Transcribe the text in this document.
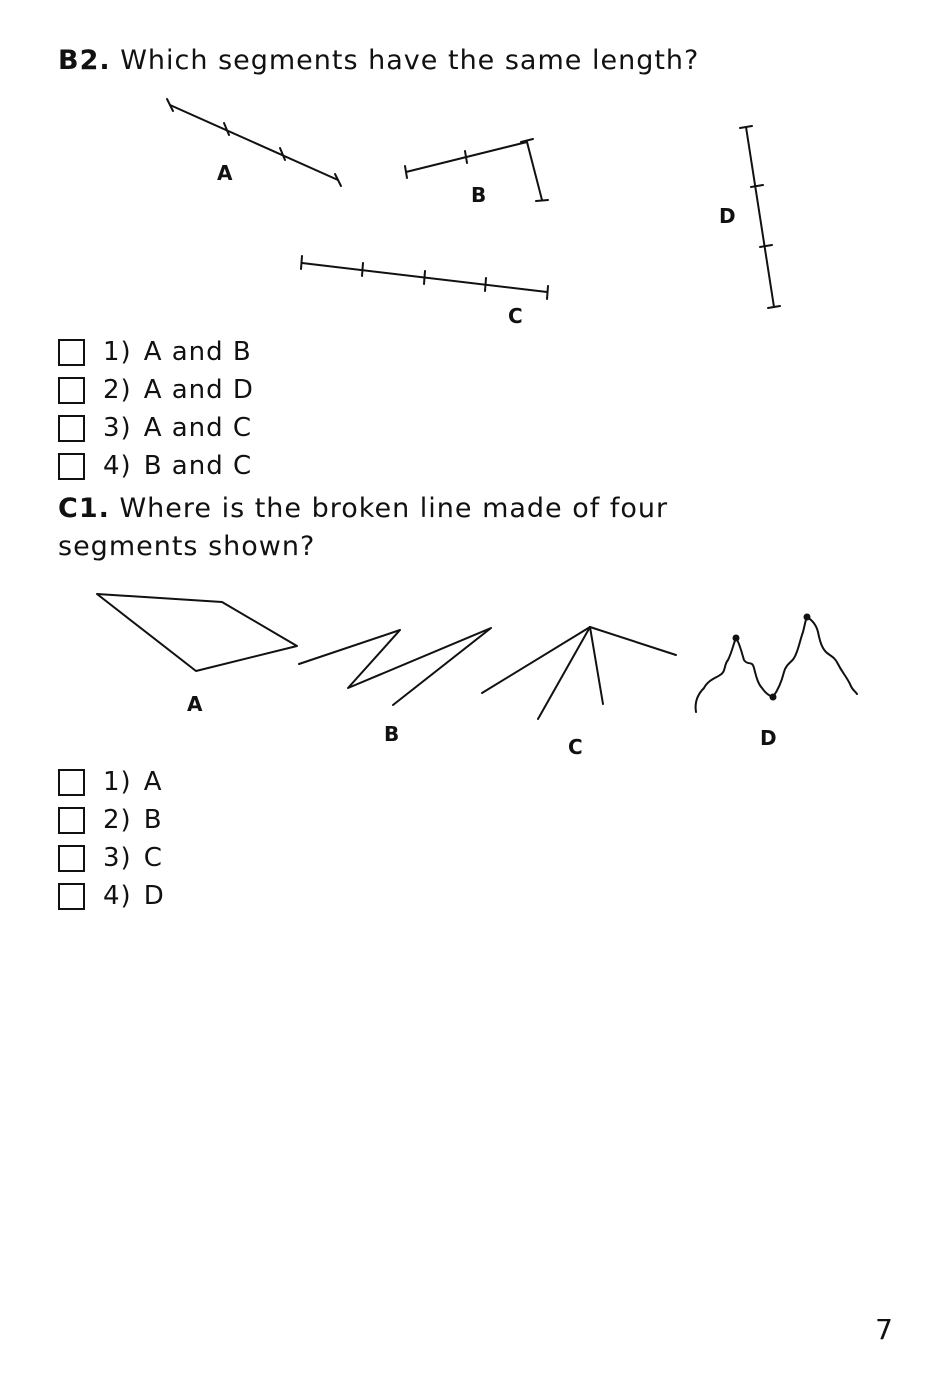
B2. Which segments have the same length?
A
B
C
D
1) A and B
2) A and D
3) A and C
4) B and C
C1. Where is the broken line made of four
segments shown?
A
B
C	D
1) A
2) B
3) C
4) D
7
